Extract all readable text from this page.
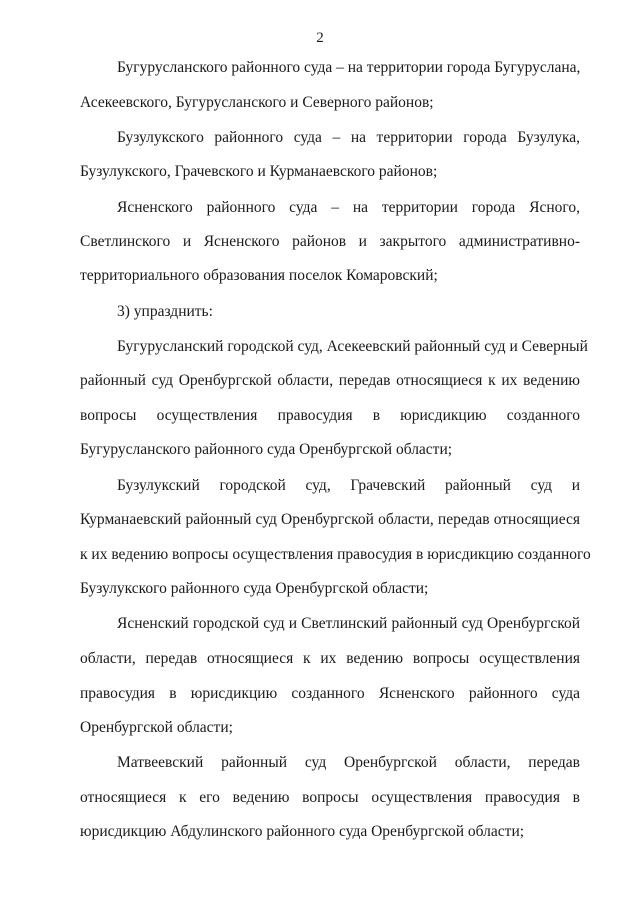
2
Бугурусланского районного суда – на территории города Бугуруслана,
Асекеевского, Бугурусланского и Северного районов;
Бузулукского районного суда – на территории города Бузулука,
Бузулукского, Грачевского и Курманаевского районов;
Ясненского районного суда – на территории города Ясного,
Светлинского и Ясненского районов и закрытого административно-
территориального образования поселок Комаровский;
3) упразднить:
Бугурусланский городской суд, Асекеевский районный суд и Северный
районный суд Оренбургской области, передав относящиеся к их ведению
вопросы осуществления правосудия в юрисдикцию созданного
Бугурусланского районного суда Оренбургской области;
Бузулукский городской суд, Грачевский районный суд и
Курманаевский районный суд Оренбургской области, передав относящиеся
к их ведению вопросы осуществления правосудия в юрисдикцию созданного
Бузулукского районного суда Оренбургской области;
Ясненский городской суд и Светлинский районный суд Оренбургской
области, передав относящиеся к их ведению вопросы осуществления
правосудия в юрисдикцию созданного Ясненского районного суда
Оренбургской области;
Матвеевский районный суд Оренбургской области, передав
относящиеся к его ведению вопросы осуществления правосудия в
юрисдикцию Абдулинского районного суда Оренбургской области;
